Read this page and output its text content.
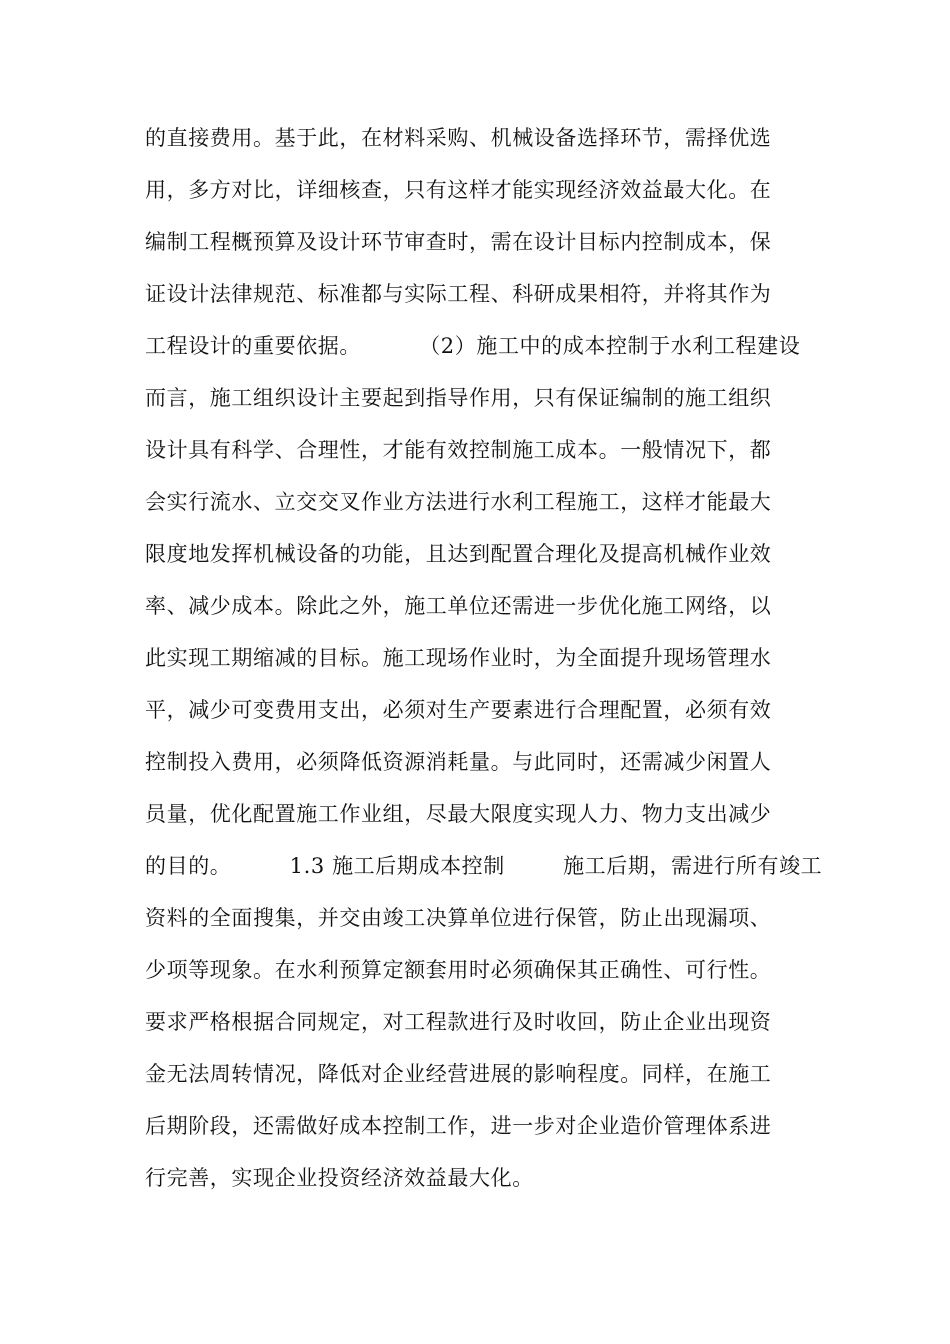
的直接费用。基于此，在材料采购、机械设备选择环节，需择优选
用，多方对比，详细核查，只有这样才能实现经济效益最大化。在
编制工程概预算及设计环节审查时，需在设计目标内控制成本，保
证设计法律规范、标准都与实际工程、科研成果相符，并将其作为
工程设计的重要依据。        （2）施工中的成本控制于水利工程建设
而言，施工组织设计主要起到指导作用，只有保证编制的施工组织
设计具有科学、合理性，才能有效控制施工成本。一般情况下，都
会实行流水、立交交叉作业方法进行水利工程施工，这样才能最大
限度地发挥机械设备的功能，且达到配置合理化及提高机械作业效
率、减少成本。除此之外，施工单位还需进一步优化施工网络，以
此实现工期缩减的目标。施工现场作业时，为全面提升现场管理水
平，减少可变费用支出，必须对生产要素进行合理配置，必须有效
控制投入费用，必须降低资源消耗量。与此同时，还需减少闲置人
员量，优化配置施工作业组，尽最大限度实现人力、物力支出减少
的目的。        1.3 施工后期成本控制        施工后期，需进行所有竣工
资料的全面搜集，并交由竣工决算单位进行保管，防止出现漏项、
少项等现象。在水利预算定额套用时必须确保其正确性、可行性。
要求严格根据合同规定，对工程款进行及时收回，防止企业出现资
金无法周转情况，降低对企业经营进展的影响程度。同样，在施工
后期阶段，还需做好成本控制工作，进一步对企业造价管理体系进
行完善，实现企业投资经济效益最大化。
